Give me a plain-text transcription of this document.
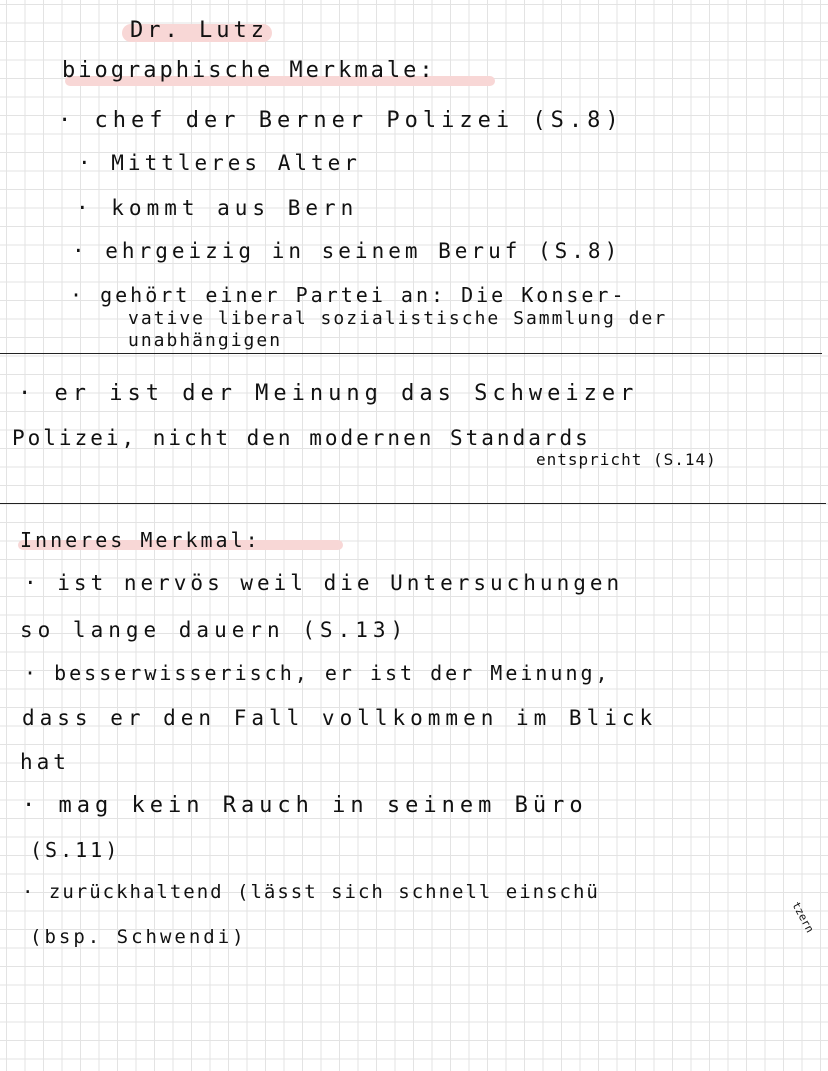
Dr. Lutz
biographische Merkmale:
· chef der Berner Polizei (S.8)
· Mittleres Alter
· kommt aus Bern
· ehrgeizig in seinem Beruf (S.8)
· gehört einer Partei an: Die Konser-
vative liberal sozialistische Sammlung der
unabhängigen
· er ist der Meinung das Schweizer
Polizei, nicht den modernen Standards
entspricht (S.14)
Inneres Merkmal:
· ist nervös weil die Untersuchungen
so lange dauern (S.13)
· besserwisserisch, er ist der Meinung,
dass er den Fall vollkommen im Blick
hat
· mag kein Rauch in seinem Büro
(S.11)
· zurückhaltend (lässt sich schnell einschü
(bsp. Schwendi)
tzern
